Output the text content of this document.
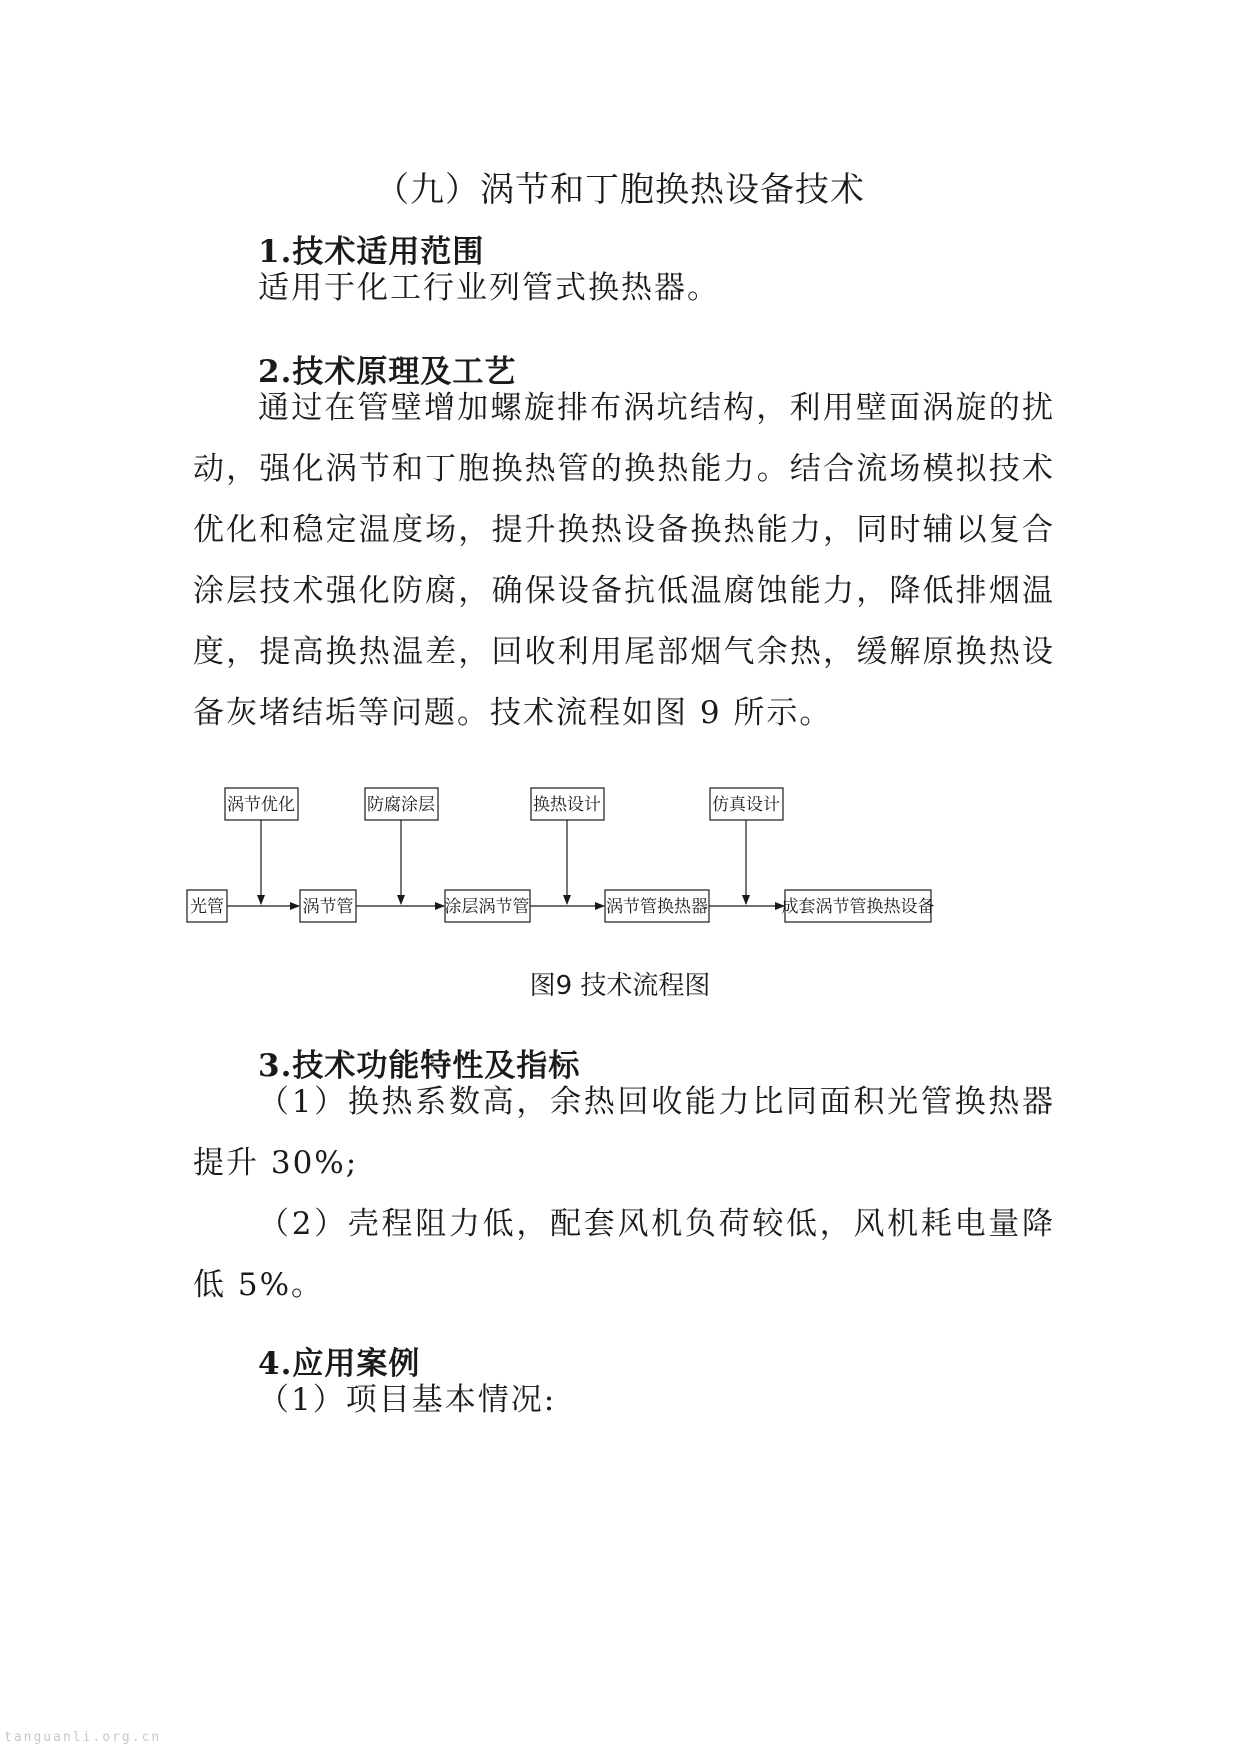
（九）涡节和丁胞换热设备技术
1.技术适用范围

适用于化工行业列管式换热器。

2.技术原理及工艺

通过在管壁增加螺旋排布涡坑结构，利用壁面涡旋的扰动，强化涡节和丁胞换热管的换热能力。结合流场模拟技术优化和稳定温度场，提升换热设备换热能力，同时辅以复合涂层技术强化防腐，确保设备抗低温腐蚀能力，降低排烟温度，提高换热温差，回收利用尾部烟气余热，缓解原换热设备灰堵结垢等问题。技术流程如图 9 所示。

涡节优化	防腐涂层	换热设计	仿真设计
光管	涡节管	涂层涡节管	涡节管换热器	成套涡节管换热设备
图9 技术流程图
3.技术功能特性及指标

（1）换热系数高，余热回收能力比同面积光管换热器提升 30%;

（2）壳程阻力低，配套风机负荷较低，风机耗电量降低 5%。

4.应用案例

（1）项目基本情况:

tanguanli.org.cn
